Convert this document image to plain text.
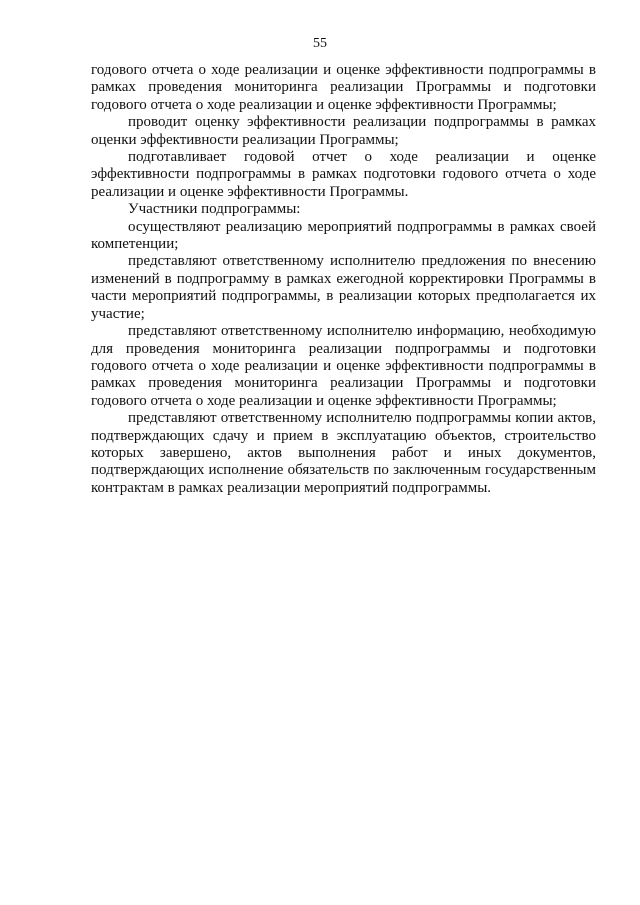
55

годового отчета о ходе реализации и оценке эффективности подпрограммы в рамках проведения мониторинга реализации Программы и подготовки годового отчета о ходе реализации и оценке эффективности Программы;

проводит оценку эффективности реализации подпрограммы в рамках оценки эффективности реализации Программы;

подготавливает годовой отчет о ходе реализации и оценке эффективности подпрограммы в рамках подготовки годового отчета о ходе реализации и оценке эффективности Программы.

Участники подпрограммы:

осуществляют реализацию мероприятий подпрограммы в рамках своей компетенции;

представляют ответственному исполнителю предложения по внесению изменений в подпрограмму в рамках ежегодной корректировки Программы в части мероприятий подпрограммы, в реализации которых предполагается их участие;

представляют ответственному исполнителю информацию, необходимую для проведения мониторинга реализации подпрограммы и подготовки годового отчета о ходе реализации и оценке эффективности подпрограммы в рамках проведения мониторинга реализации Программы и подготовки годового отчета о ходе реализации и оценке эффективности Программы;

представляют ответственному исполнителю подпрограммы копии актов, подтверждающих сдачу и прием в эксплуатацию объектов, строительство которых завершено, актов выполнения работ и иных документов, подтверждающих исполнение обязательств по заключенным государственным контрактам в рамках реализации мероприятий подпрограммы.
